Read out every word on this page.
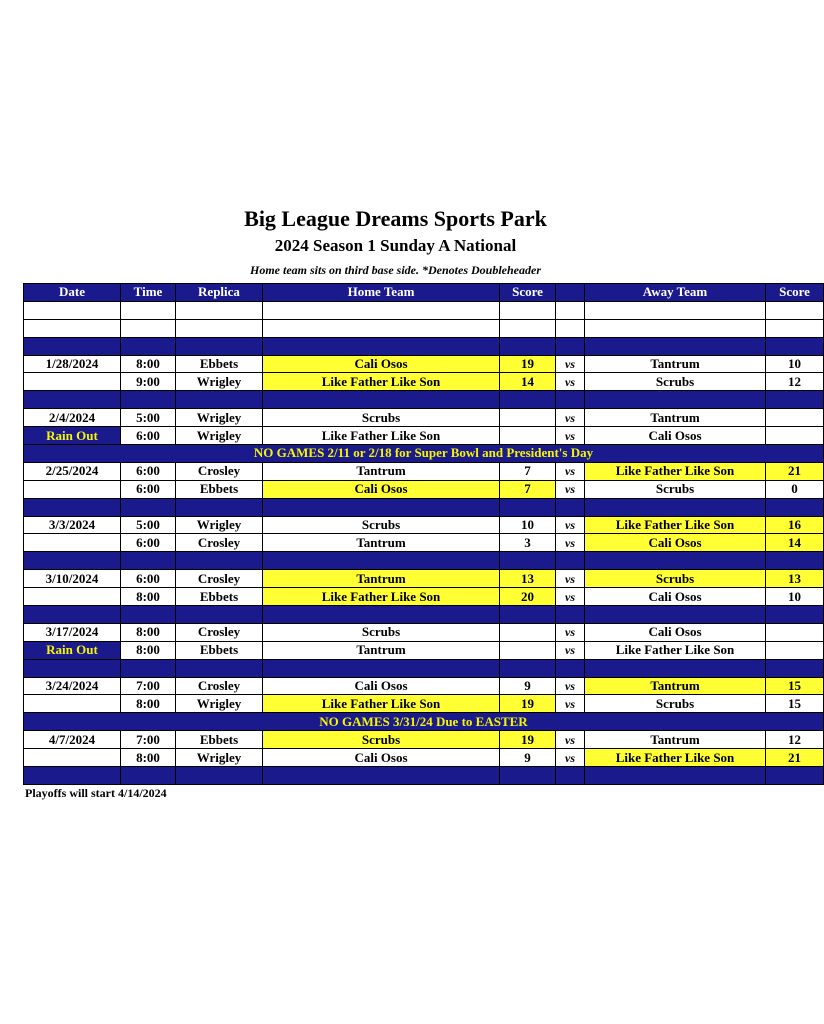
Big League Dreams Sports Park
2024 Season 1 Sunday A National
Home team sits on third base side. *Denotes Doubleheader
Date	Time	Replica	Home Team	Score		Away Team	Score

1/28/2024	8:00	Ebbets	Cali Osos	19	vs	Tantrum	10
	9:00	Wrigley	Like Father Like Son	14	vs	Scrubs	12

2/4/2024	5:00	Wrigley	Scrubs		vs	Tantrum	
Rain Out	6:00	Wrigley	Like Father Like Son		vs	Cali Osos	
NO GAMES 2/11 or 2/18 for Super Bowl and President's Day							
2/25/2024	6:00	Crosley	Tantrum	7	vs	Like Father Like Son	21
	6:00	Ebbets	Cali Osos	7	vs	Scrubs	0

3/3/2024	5:00	Wrigley	Scrubs	10	vs	Like Father Like Son	16
	6:00	Crosley	Tantrum	3	vs	Cali Osos	14

3/10/2024	6:00	Crosley	Tantrum	13	vs	Scrubs	13
	8:00	Ebbets	Like Father Like Son	20	vs	Cali Osos	10

3/17/2024	8:00	Crosley	Scrubs		vs	Cali Osos	
Rain Out	8:00	Ebbets	Tantrum		vs	Like Father Like Son	

3/24/2024	7:00	Crosley	Cali Osos	9	vs	Tantrum	15
	8:00	Wrigley	Like Father Like Son	19	vs	Scrubs	15
NO GAMES 3/31/24 Due to EASTER							
4/7/2024	7:00	Ebbets	Scrubs	19	vs	Tantrum	12
	8:00	Wrigley	Cali Osos	9	vs	Like Father Like Son	21

Playoffs will start 4/14/2024
